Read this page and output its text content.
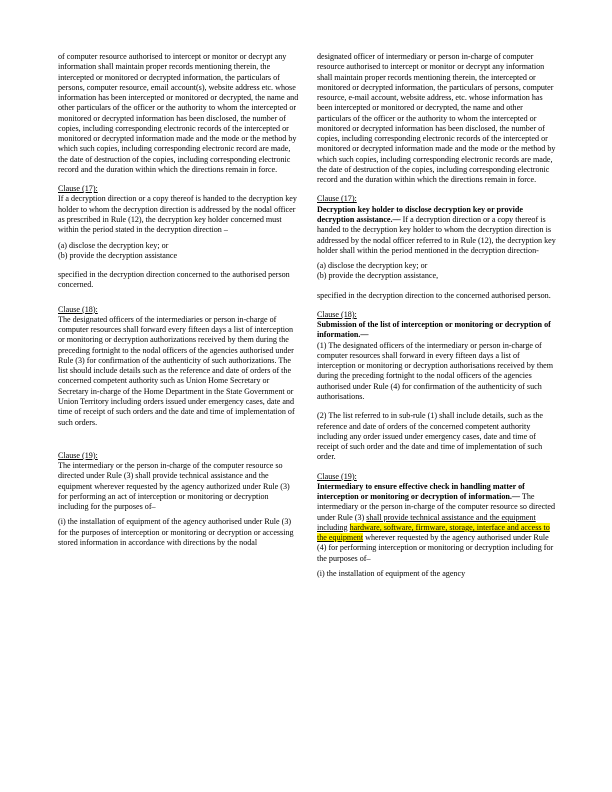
of computer resource authorised to intercept or monitor or decrypt any information shall maintain proper records mentioning therein, the intercepted or monitored or decrypted information, the particulars of persons, computer resource, email account(s), website address etc. whose information has been intercepted or monitored or decrypted, the name and other particulars of the officer or the authority to whom the intercepted or monitored or decrypted information has been disclosed, the number of copies, including corresponding electronic records of the intercepted or monitored or decrypted information made and the mode or the method by which such copies, including corresponding electronic record are made, the date of destruction of the copies, including corresponding electronic record and the duration within which the directions remain in force.

Clause (17):

If a decryption direction or a copy thereof is handed to the decryption key holder to whom the decryption direction is addressed by the nodal officer as prescribed in Rule (12), the decryption key holder concerned must within the period stated in the decryption direction –

(a) disclose the decryption key; or

(b) provide the decryption assistance

specified in the decryption direction concerned to the authorised person concerned.

Clause (18):

The designated officers of the intermediaries or person in-charge of computer resources shall forward every fifteen days a list of interception or monitoring or decryption authorizations received by them during the preceding fortnight to the nodal officers of the agencies authorised under Rule (3) for confirmation of the authenticity of such authorizations. The list should include details such as the reference and date of orders of the concerned competent authority such as Union Home Secretary or Secretary in-charge of the Home Department in the State Government or Union Territory including orders issued under emergency cases, date and time of receipt of such orders and the date and time of implementation of such orders.

Clause (19):

The intermediary or the person in-charge of the computer resource so directed under Rule (3) shall provide technical assistance and the equipment wherever requested by the agency authorized under Rule (3) for performing an act of interception or monitoring or decryption including for the purposes of–

(i) the installation of equipment of the agency authorised under Rule (3) for the purposes of interception or monitoring or decryption or accessing stored information in accordance with directions by the nodal

designated officer of intermediary or person in-charge of computer resource authorised to intercept or monitor or decrypt any information shall maintain proper records mentioning therein, the intercepted or monitored or decrypted information, the particulars of persons, computer resource, e-mail account, website address, etc. whose information has been intercepted or monitored or decrypted, the name and other particulars of the officer or the authority to whom the intercepted or monitored or decrypted information has been disclosed, the number of copies, including corresponding electronic records of the intercepted or monitored or decrypted information made and the mode or the method by which such copies, including corresponding electronic records are made, the date of destruction of the copies, including corresponding electronic record and the duration within which the directions remain in force.

Clause (17):

Decryption key holder to disclose decryption key or provide decryption assistance.— If a decryption direction or a copy thereof is handed to the decryption key holder to whom the decryption direction is addressed by the nodal officer referred to in Rule (12), the decryption key holder shall within the period mentioned in the decryption direction-

(a) disclose the decryption key; or

(b) provide the decryption assistance,

specified in the decryption direction to the concerned authorised person.

Clause (18):

Submission of the list of interception or monitoring or decryption of information.—

(1) The designated officers of the intermediary or person in-charge of computer resources shall forward in every fifteen days a list of interception or monitoring or decryption authorisations received by them during the preceding fortnight to the nodal officers of the agencies authorised under Rule (4) for confirmation of the authenticity of such authorisations.

(2) The list referred to in sub-rule (1) shall include details, such as the reference and date of orders of the concerned competent authority including any order issued under emergency cases, date and time of receipt of such order and the date and time of implementation of such order.

Clause (19):

Intermediary to ensure effective check in handling matter of interception or monitoring or decryption of information.— The intermediary or the person in-charge of the computer resource so directed under Rule (3) shall provide technical assistance and the equipment including hardware, software, firmware, storage, interface and access to the equipment wherever requested by the agency authorised under Rule (4) for performing interception or monitoring or decryption including for the purposes of–

(i) the installation of equipment of the agency
